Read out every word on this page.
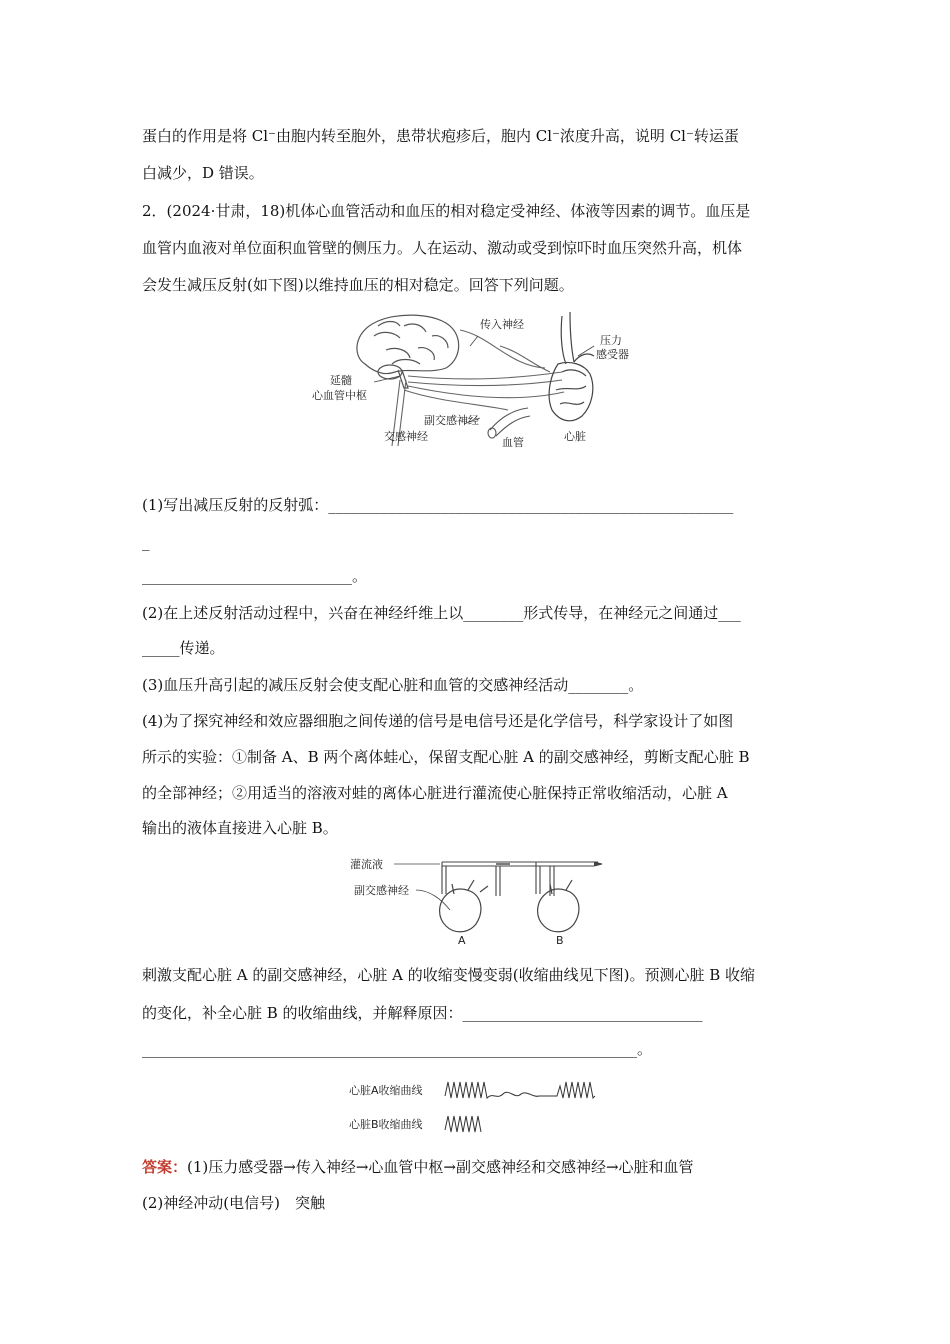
蛋白的作用是将 Cl⁻由胞内转至胞外，患带状疱疹后，胞内 Cl⁻浓度升高，说明 Cl⁻转运蛋
白减少，D 错误。
2．(2024·甘肃，18)机体心血管活动和血压的相对稳定受神经、体液等因素的调节。血压是
血管内血液对单位面积血管壁的侧压力。人在运动、激动或受到惊吓时血压突然升高，机体
会发生减压反射(如下图)以维持血压的相对稳定。回答下列问题。
传入神经
压力
感受器
延髓
心血管中枢
副交感神经
交感神经	血管	心脏
(1)写出减压反射的反射弧：______________________________________________________
_
____________________________。
(2)在上述反射活动过程中，兴奋在神经纤维上以________形式传导，在神经元之间通过___
_____传递。
(3)血压升高引起的减压反射会使支配心脏和血管的交感神经活动________。
(4)为了探究神经和效应器细胞之间传递的信号是电信号还是化学信号，科学家设计了如图
所示的实验：①制备 A、B 两个离体蛙心，保留支配心脏 A 的副交感神经，剪断支配心脏 B
的全部神经；②用适当的溶液对蛙的离体心脏进行灌流使心脏保持正常收缩活动，心脏 A
输出的液体直接进入心脏 B。
灌流液
副交感神经
A	B
刺激支配心脏 A 的副交感神经，心脏 A 的收缩变慢变弱(收缩曲线见下图)。预测心脏 B 收缩
的变化，补全心脏 B 的收缩曲线，并解释原因：________________________________
__________________________________________________________________。
心脏A收缩曲线
心脏B收缩曲线
答案：(1)压力感受器→传入神经→心血管中枢→副交感神经和交感神经→心脏和血管
(2)神经冲动(电信号)　突触
